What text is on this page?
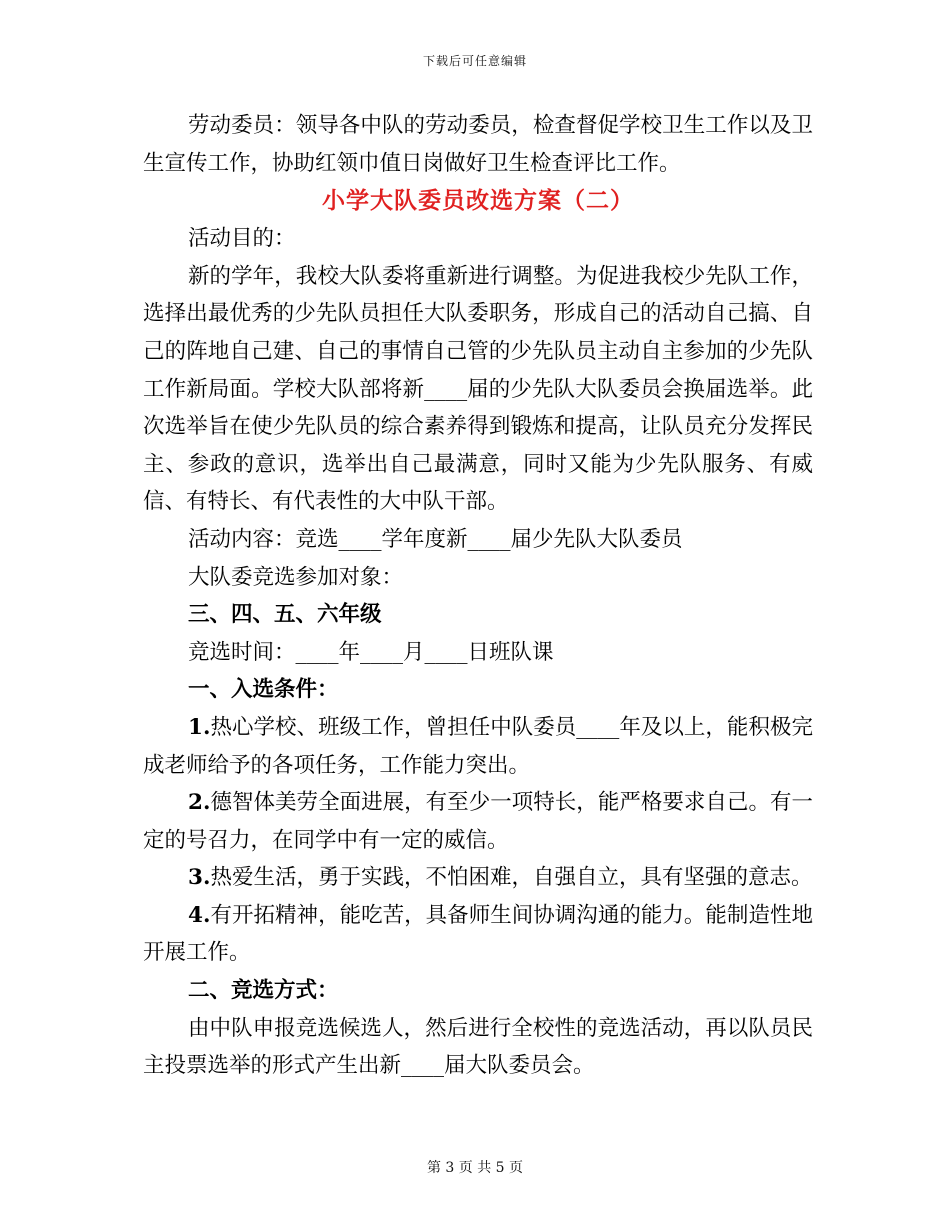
下载后可任意编辑

劳动委员：领导各中队的劳动委员，检查督促学校卫生工作以及卫生宣传工作，协助红领巾值日岗做好卫生检查评比工作。

小学大队委员改选方案（二）

活动目的：

新的学年，我校大队委将重新进行调整。为促进我校少先队工作，选择出最优秀的少先队员担任大队委职务，形成自己的活动自己搞、自己的阵地自己建、自己的事情自己管的少先队员主动自主参加的少先队工作新局面。学校大队部将新____届的少先队大队委员会换届选举。此次选举旨在使少先队员的综合素养得到锻炼和提高，让队员充分发挥民主、参政的意识，选举出自己最满意，同时又能为少先队服务、有威信、有特长、有代表性的大中队干部。

活动内容：竞选____学年度新____届少先队大队委员

大队委竞选参加对象：

三、四、五、六年级

竞选时间：____年____月____日班队课

一、入选条件：

1.热心学校、班级工作，曾担任中队委员____年及以上，能积极完成老师给予的各项任务，工作能力突出。

2.德智体美劳全面进展，有至少一项特长，能严格要求自己。有一定的号召力，在同学中有一定的威信。

3.热爱生活，勇于实践，不怕困难，自强自立，具有坚强的意志。

4.有开拓精神，能吃苦，具备师生间协调沟通的能力。能制造性地开展工作。

二、竞选方式：

由中队申报竞选候选人，然后进行全校性的竞选活动，再以队员民主投票选举的形式产生出新____届大队委员会。

第 3 页 共 5 页
